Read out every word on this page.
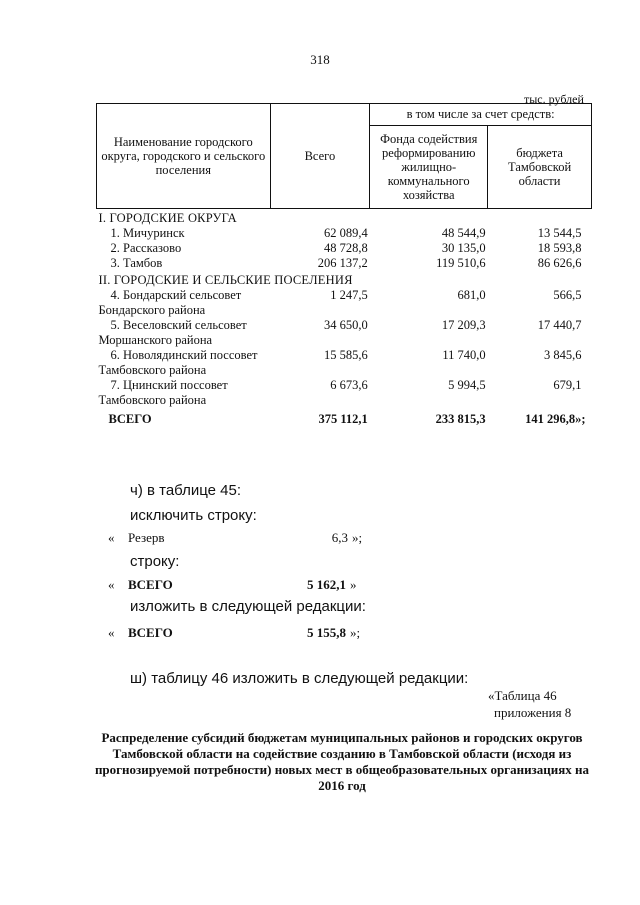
318
тыс. рублей
Наименование городского округа, городского и сельского поселения	Всего	в том числе за счет средств:	
		Фонда содействия реформированию жилищно-коммунального хозяйства	бюджета Тамбовской области
I. ГОРОДСКИЕ ОКРУГА			
1. Мичуринск	62 089,4	48 544,9	13 544,5
2. Рассказово	48 728,8	30 135,0	18 593,8
3. Тамбов	206 137,2	119 510,6	86 626,6
II. ГОРОДСКИЕ И СЕЛЬСКИЕ ПОСЕЛЕНИЯ			
4. Бондарский сельсовет
Бондарского района	1 247,5	681,0	566,5
5. Веселовский сельсовет
Моршанского района	34 650,0	17 209,3	17 440,7
6. Новолядинский поссовет
Тамбовского района	15 585,6	11 740,0	3 845,6
7. Цнинский поссовет
Тамбовского района	6 673,6	5 994,5	679,1
ВСЕГО	375 112,1	233 815,3	141 296,8»;
ч) в таблице 45:
исключить строку:
« Резерв	6,3 »;
строку:
« ВСЕГО	5 162,1 »
изложить в следующей редакции:
« ВСЕГО	5 155,8 »;
ш) таблицу 46 изложить в следующей редакции:
«Таблица 46
приложения 8
Распределение субсидий бюджетам муниципальных районов и городских округов Тамбовской области на содействие созданию в Тамбовской области (исходя из прогнозируемой потребности) новых мест в общеобразовательных организациях на 2016 год
